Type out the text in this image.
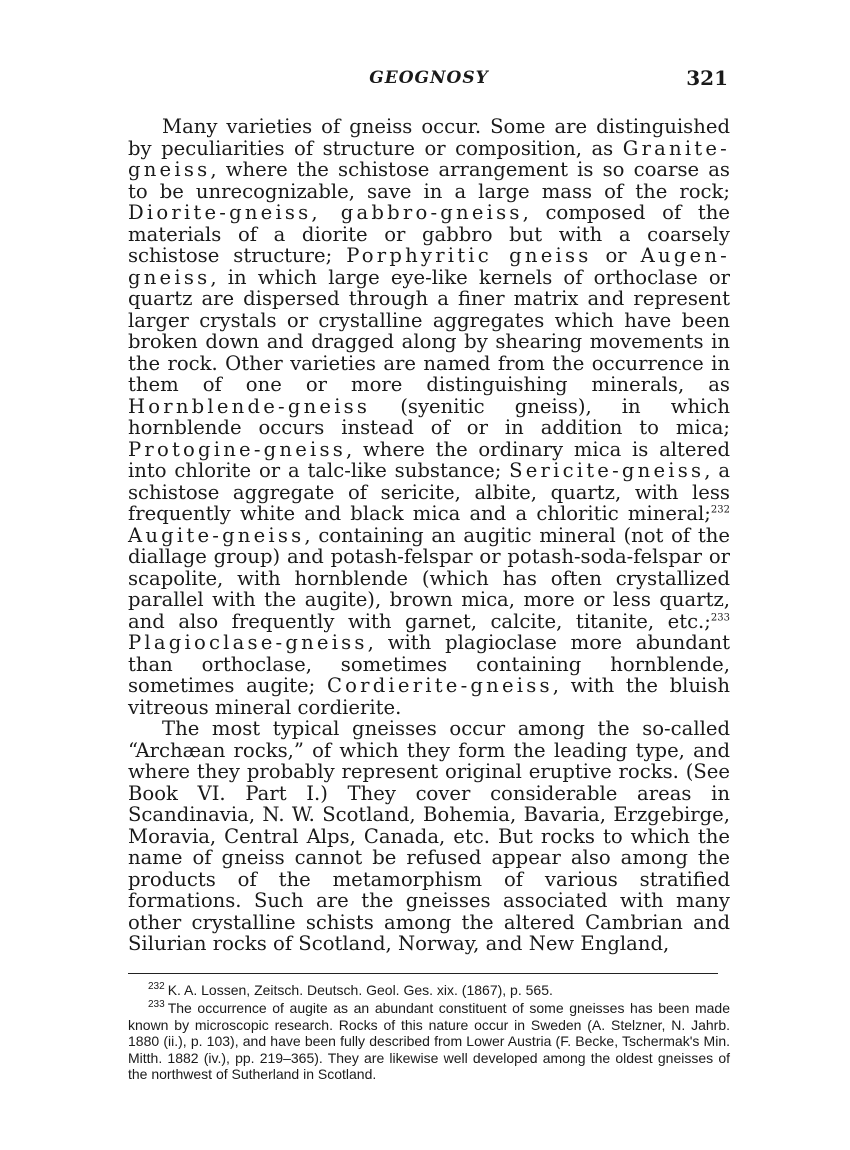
GEOGNOSY	321

Many varieties of gneiss occur. Some are distinguished by peculiarities of structure or composition, as Granite-gneiss, where the schistose arrangement is so coarse as to be unrecognizable, save in a large mass of the rock; Diorite-gneiss, gabbro-gneiss, composed of the materials of a diorite or gabbro but with a coarsely schistose structure; Porphyritic gneiss or Augen-gneiss, in which large eye-like kernels of orthoclase or quartz are dispersed through a finer matrix and represent larger crystals or crystalline aggregates which have been broken down and dragged along by shearing movements in the rock. Other varieties are named from the occurrence in them of one or more distinguishing minerals, as Hornblende-gneiss (syenitic gneiss), in which hornblende occurs instead of or in addition to mica; Protogine-gneiss, where the ordinary mica is altered into chlorite or a talc-like substance; Sericite-gneiss, a schistose aggregate of sericite, albite, quartz, with less frequently white and black mica and a chloritic mineral;$^{232}$ Augite-gneiss, containing an augitic mineral (not of the diallage group) and potash-felspar or potash-soda-felspar or scapolite, with hornblende (which has often crystallized parallel with the augite), brown mica, more or less quartz, and also frequently with garnet, calcite, titanite, etc.;$^{233}$ Plagioclase-gneiss, with plagioclase more abundant than orthoclase, sometimes containing hornblende, sometimes augite; Cordierite-gneiss, with the bluish vitreous mineral cordierite.

The most typical gneisses occur among the so-called “Archæan rocks,” of which they form the leading type, and where they probably represent original eruptive rocks. (See Book VI. Part I.) They cover considerable areas in Scandinavia, N. W. Scotland, Bohemia, Bavaria, Erzgebirge, Moravia, Central Alps, Canada, etc. But rocks to which the name of gneiss cannot be refused appear also among the products of the metamorphism of various stratified formations. Such are the gneisses associated with many other crystalline schists among the altered Cambrian and Silurian rocks of Scotland, Norway, and New England,

$^{232}$ K. A. Lossen, Zeitsch. Deutsch. Geol. Ges. xix. (1867), p. 565.

$^{233}$ The occurrence of augite as an abundant constituent of some gneisses has been made known by microscopic research. Rocks of this nature occur in Sweden (A. Stelzner, N. Jahrb. 1880 (ii.), p. 103), and have been fully described from Lower Austria (F. Becke, Tschermak's Min. Mitth. 1882 (iv.), pp. 219–365). They are likewise well developed among the oldest gneisses of the northwest of Sutherland in Scotland.
